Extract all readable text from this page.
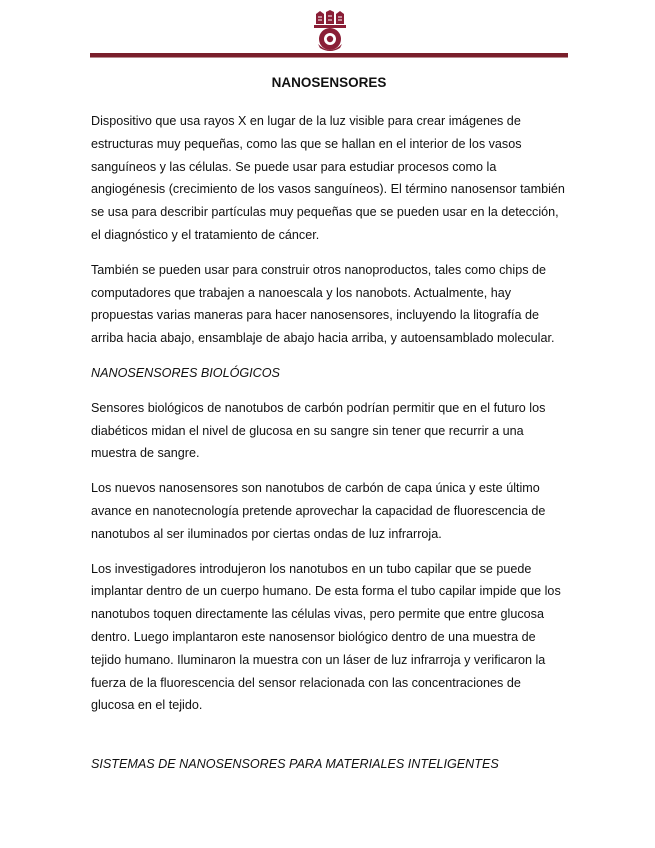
NANOSENSORES

Dispositivo que usa rayos X en lugar de la luz visible para crear imágenes de estructuras muy pequeñas, como las que se hallan en el interior de los vasos sanguíneos y las células. Se puede usar para estudiar procesos como la angiogénesis (crecimiento de los vasos sanguíneos). El término nanosensor también se usa para describir partículas muy pequeñas que se pueden usar en la detección, el diagnóstico y el tratamiento de cáncer.

También se pueden usar para construir otros nanoproductos, tales como chips de computadores que trabajen a nanoescala y los nanobots. Actualmente, hay propuestas varias maneras para hacer nanosensores, incluyendo la litografía de arriba hacia abajo, ensamblaje de abajo hacia arriba, y autoensamblado molecular.

NANOSENSORES BIOLÓGICOS

Sensores biológicos de nanotubos de carbón podrían permitir que en el futuro los diabéticos midan el nivel de glucosa en su sangre sin tener que recurrir a una muestra de sangre.

Los nuevos nanosensores son nanotubos de carbón de capa única y este último avance en nanotecnología pretende aprovechar la capacidad de fluorescencia de nanotubos al ser iluminados por ciertas ondas de luz infrarroja.

Los investigadores introdujeron los nanotubos en un tubo capilar que se puede implantar dentro de un cuerpo humano. De esta forma el tubo capilar impide que los nanotubos toquen directamente las células vivas, pero permite que entre glucosa dentro. Luego implantaron este nanosensor biológico dentro de una muestra de tejido humano. Iluminaron la muestra con un láser de luz infrarroja y verificaron la fuerza de la fluorescencia del sensor relacionada con las concentraciones de glucosa en el tejido.

SISTEMAS DE NANOSENSORES PARA MATERIALES INTELIGENTES
